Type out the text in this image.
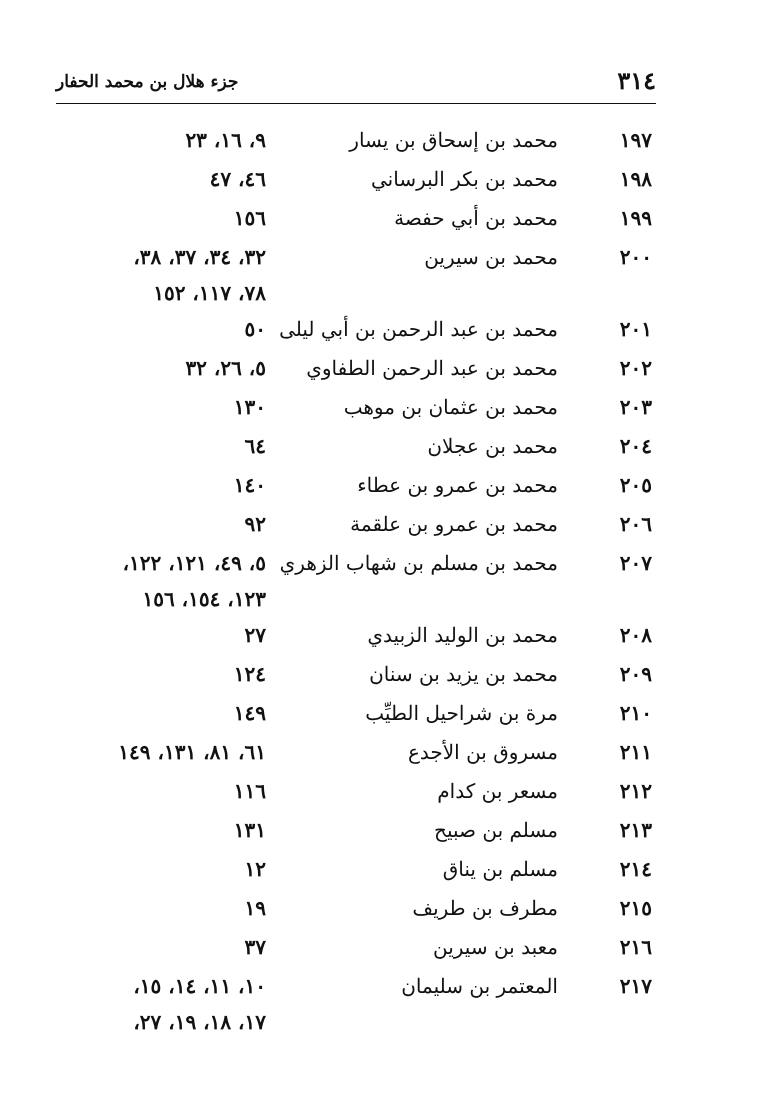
٣١٤
جزء هلال بن محمد الحفار
١٩٧
محمد بن إسحاق بن يسار
٩، ١٦، ٢٣
١٩٨
محمد بن بكر البرساني
٤٦، ٤٧
١٩٩
محمد بن أبي حفصة
١٥٦
٢٠٠
محمد بن سيرين
٣٢، ٣٤، ٣٧، ٣٨،
٧٨، ١١٧، ١٥٢
٢٠١
محمد بن عبد الرحمن بن أبي ليلى
٥٠
٢٠٢
محمد بن عبد الرحمن الطفاوي
٥، ٢٦، ٣٢
٢٠٣
محمد بن عثمان بن موهب
١٣٠
٢٠٤
محمد بن عجلان
٦٤
٢٠٥
محمد بن عمرو بن عطاء
١٤٠
٢٠٦
محمد بن عمرو بن علقمة
٩٢
٢٠٧
محمد بن مسلم بن شهاب الزهري
٥، ٤٩، ١٢١، ١٢٢،
١٢٣، ١٥٤، ١٥٦
٢٠٨
محمد بن الوليد الزبيدي
٢٧
٢٠٩
محمد بن يزيد بن سنان
١٢٤
٢١٠
مرة بن شراحيل الطيِّب
١٤٩
٢١١
مسروق بن الأجدع
٦١، ٨١، ١٣١، ١٤٩
٢١٢
مسعر بن كدام
١١٦
٢١٣
مسلم بن صبيح
١٣١
٢١٤
مسلم بن يناق
١٢
٢١٥
مطرف بن طريف
١٩
٢١٦
معبد بن سيرين
٣٧
٢١٧
المعتمر بن سليمان
١٠، ١١، ١٤، ١٥،
١٧، ١٨، ١٩، ٢٧،
